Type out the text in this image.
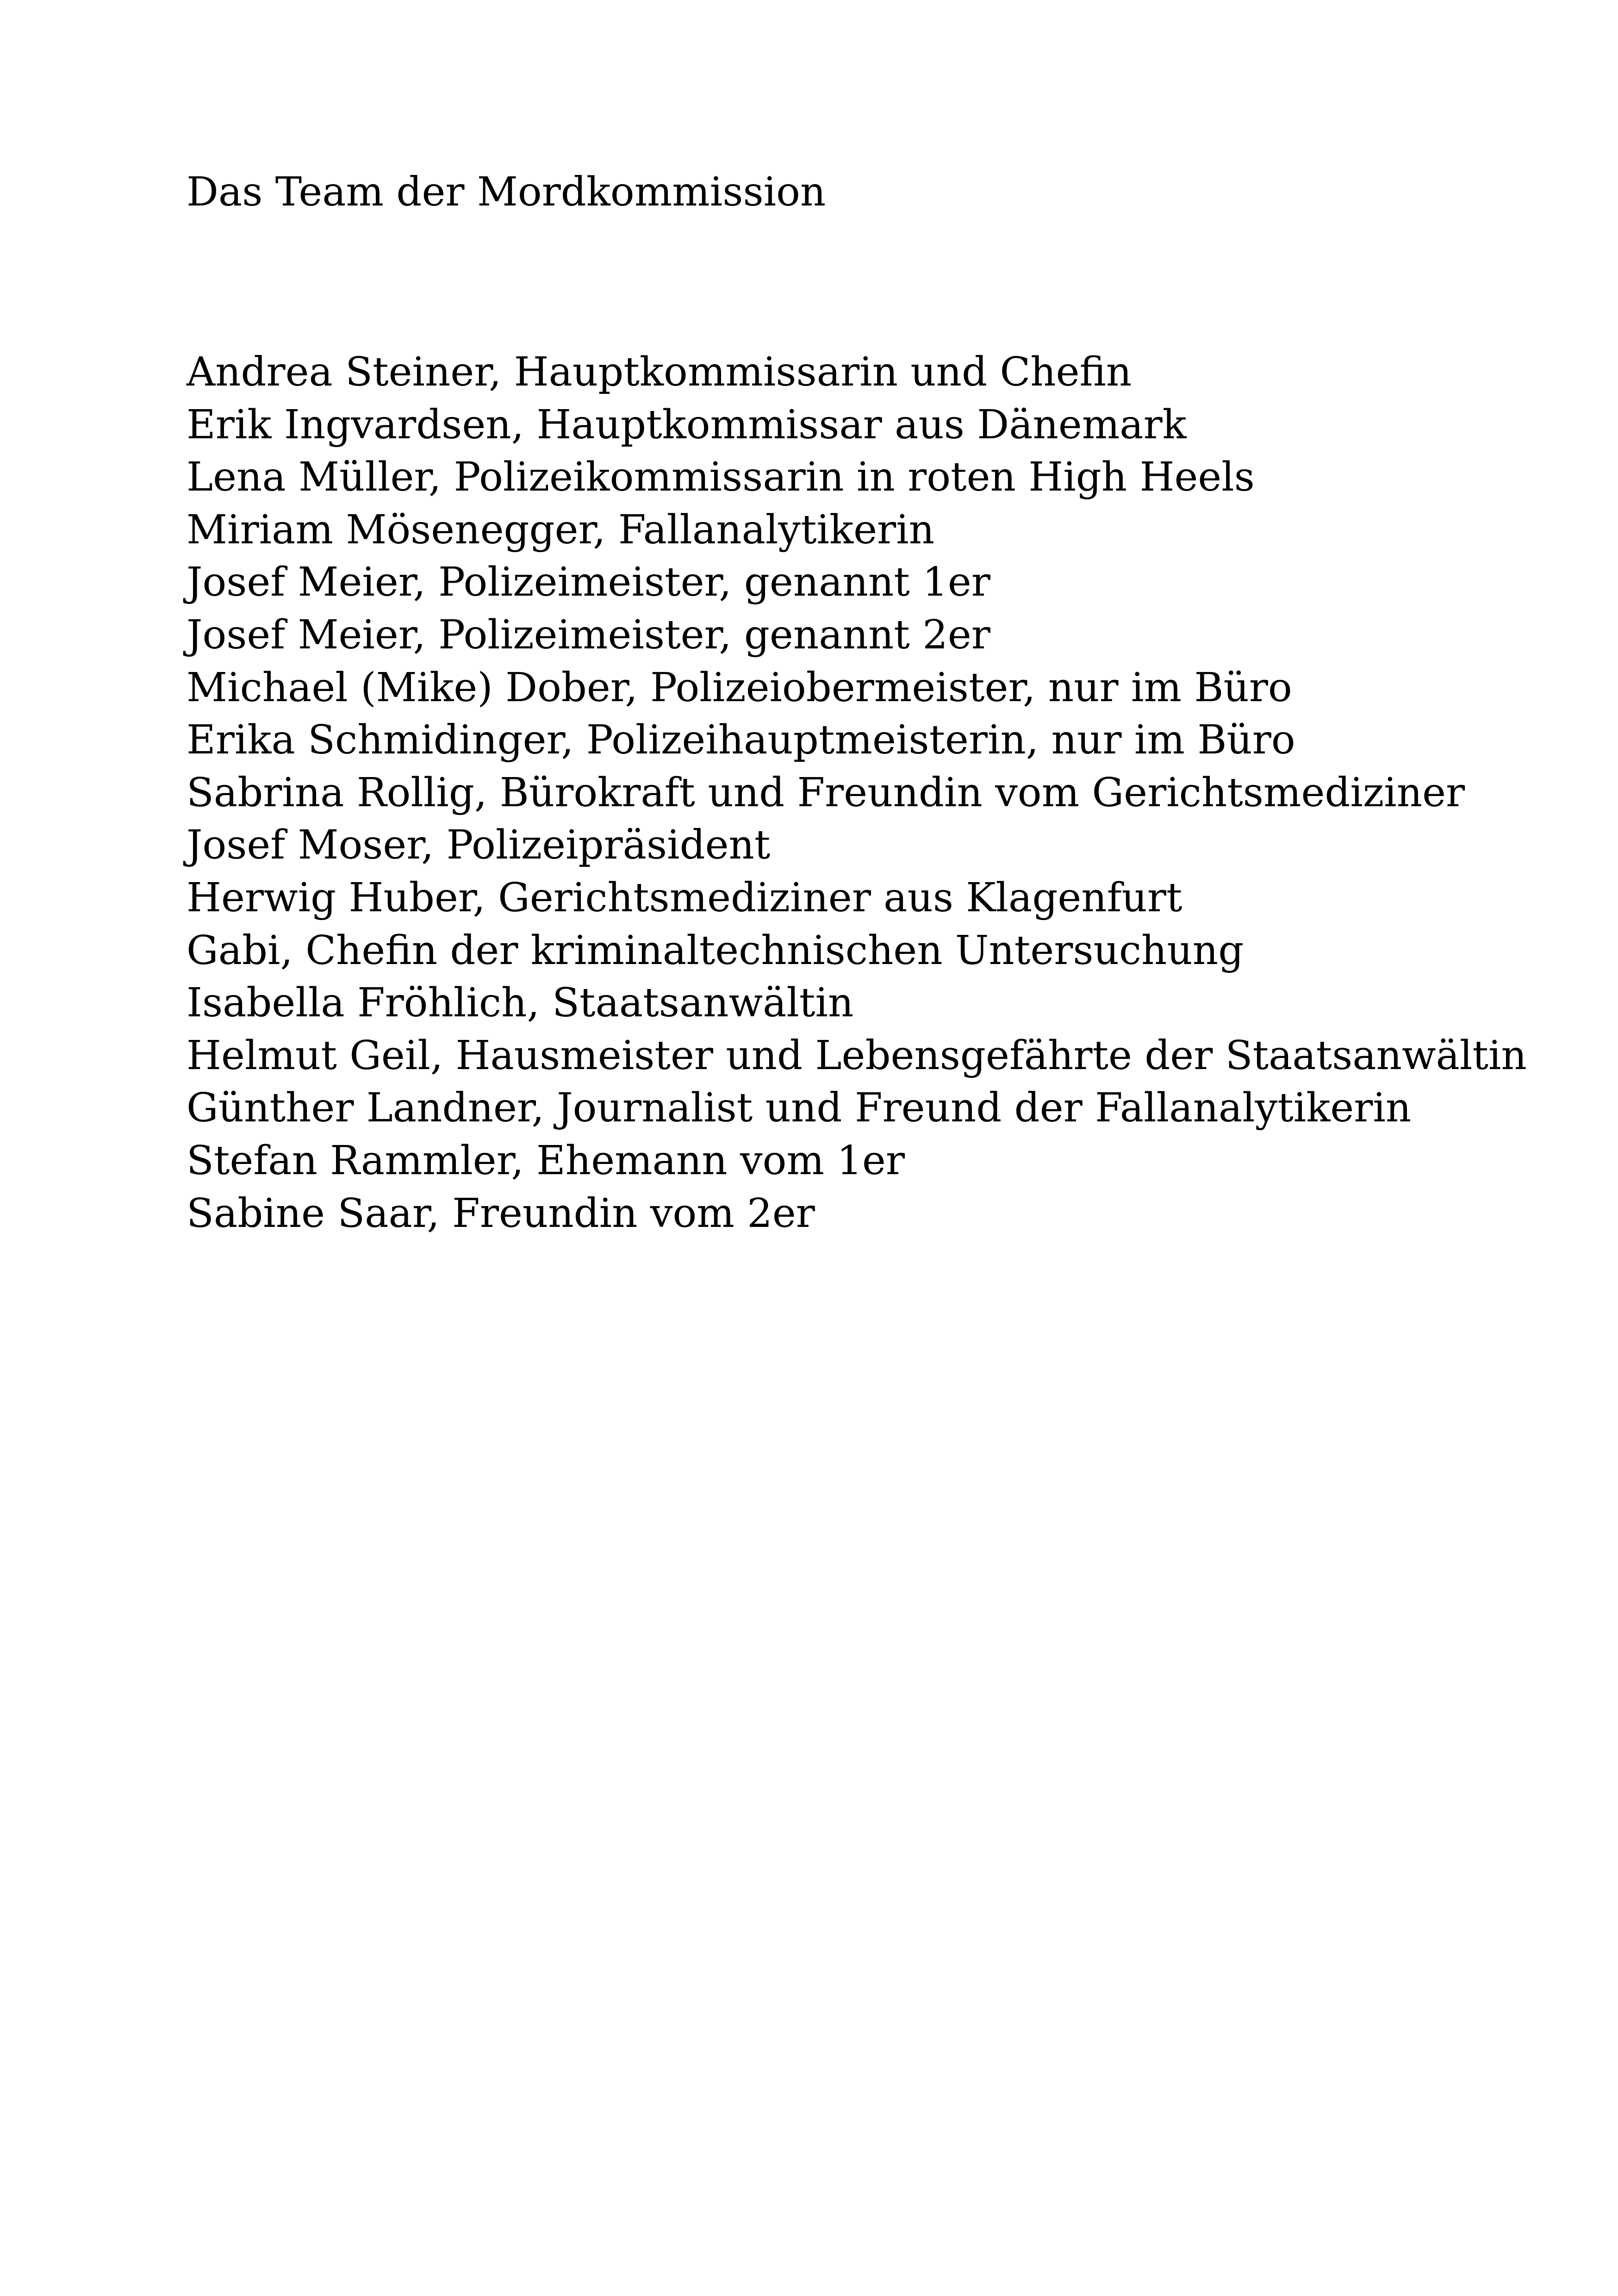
Das Team der Mordkommission
Andrea Steiner, Hauptkommissarin und Chefin
Erik Ingvardsen, Hauptkommissar aus Dänemark
Lena Müller, Polizeikommissarin in roten High Heels
Miriam Mösenegger, Fallanalytikerin
Josef Meier, Polizeimeister, genannt 1er
Josef Meier, Polizeimeister, genannt 2er
Michael (Mike) Dober, Polizeiobermeister, nur im Büro
Erika Schmidinger, Polizeihauptmeisterin, nur im Büro
Sabrina Rollig, Bürokraft und Freundin vom Gerichtsmediziner
Josef Moser, Polizeipräsident
Herwig Huber, Gerichtsmediziner aus Klagenfurt
Gabi, Chefin der kriminaltechnischen Untersuchung
Isabella Fröhlich, Staatsanwältin
Helmut Geil, Hausmeister und Lebensgefährte der Staatsanwältin
Günther Landner, Journalist und Freund der Fallanalytikerin
Stefan Rammler, Ehemann vom 1er
Sabine Saar, Freundin vom 2er
